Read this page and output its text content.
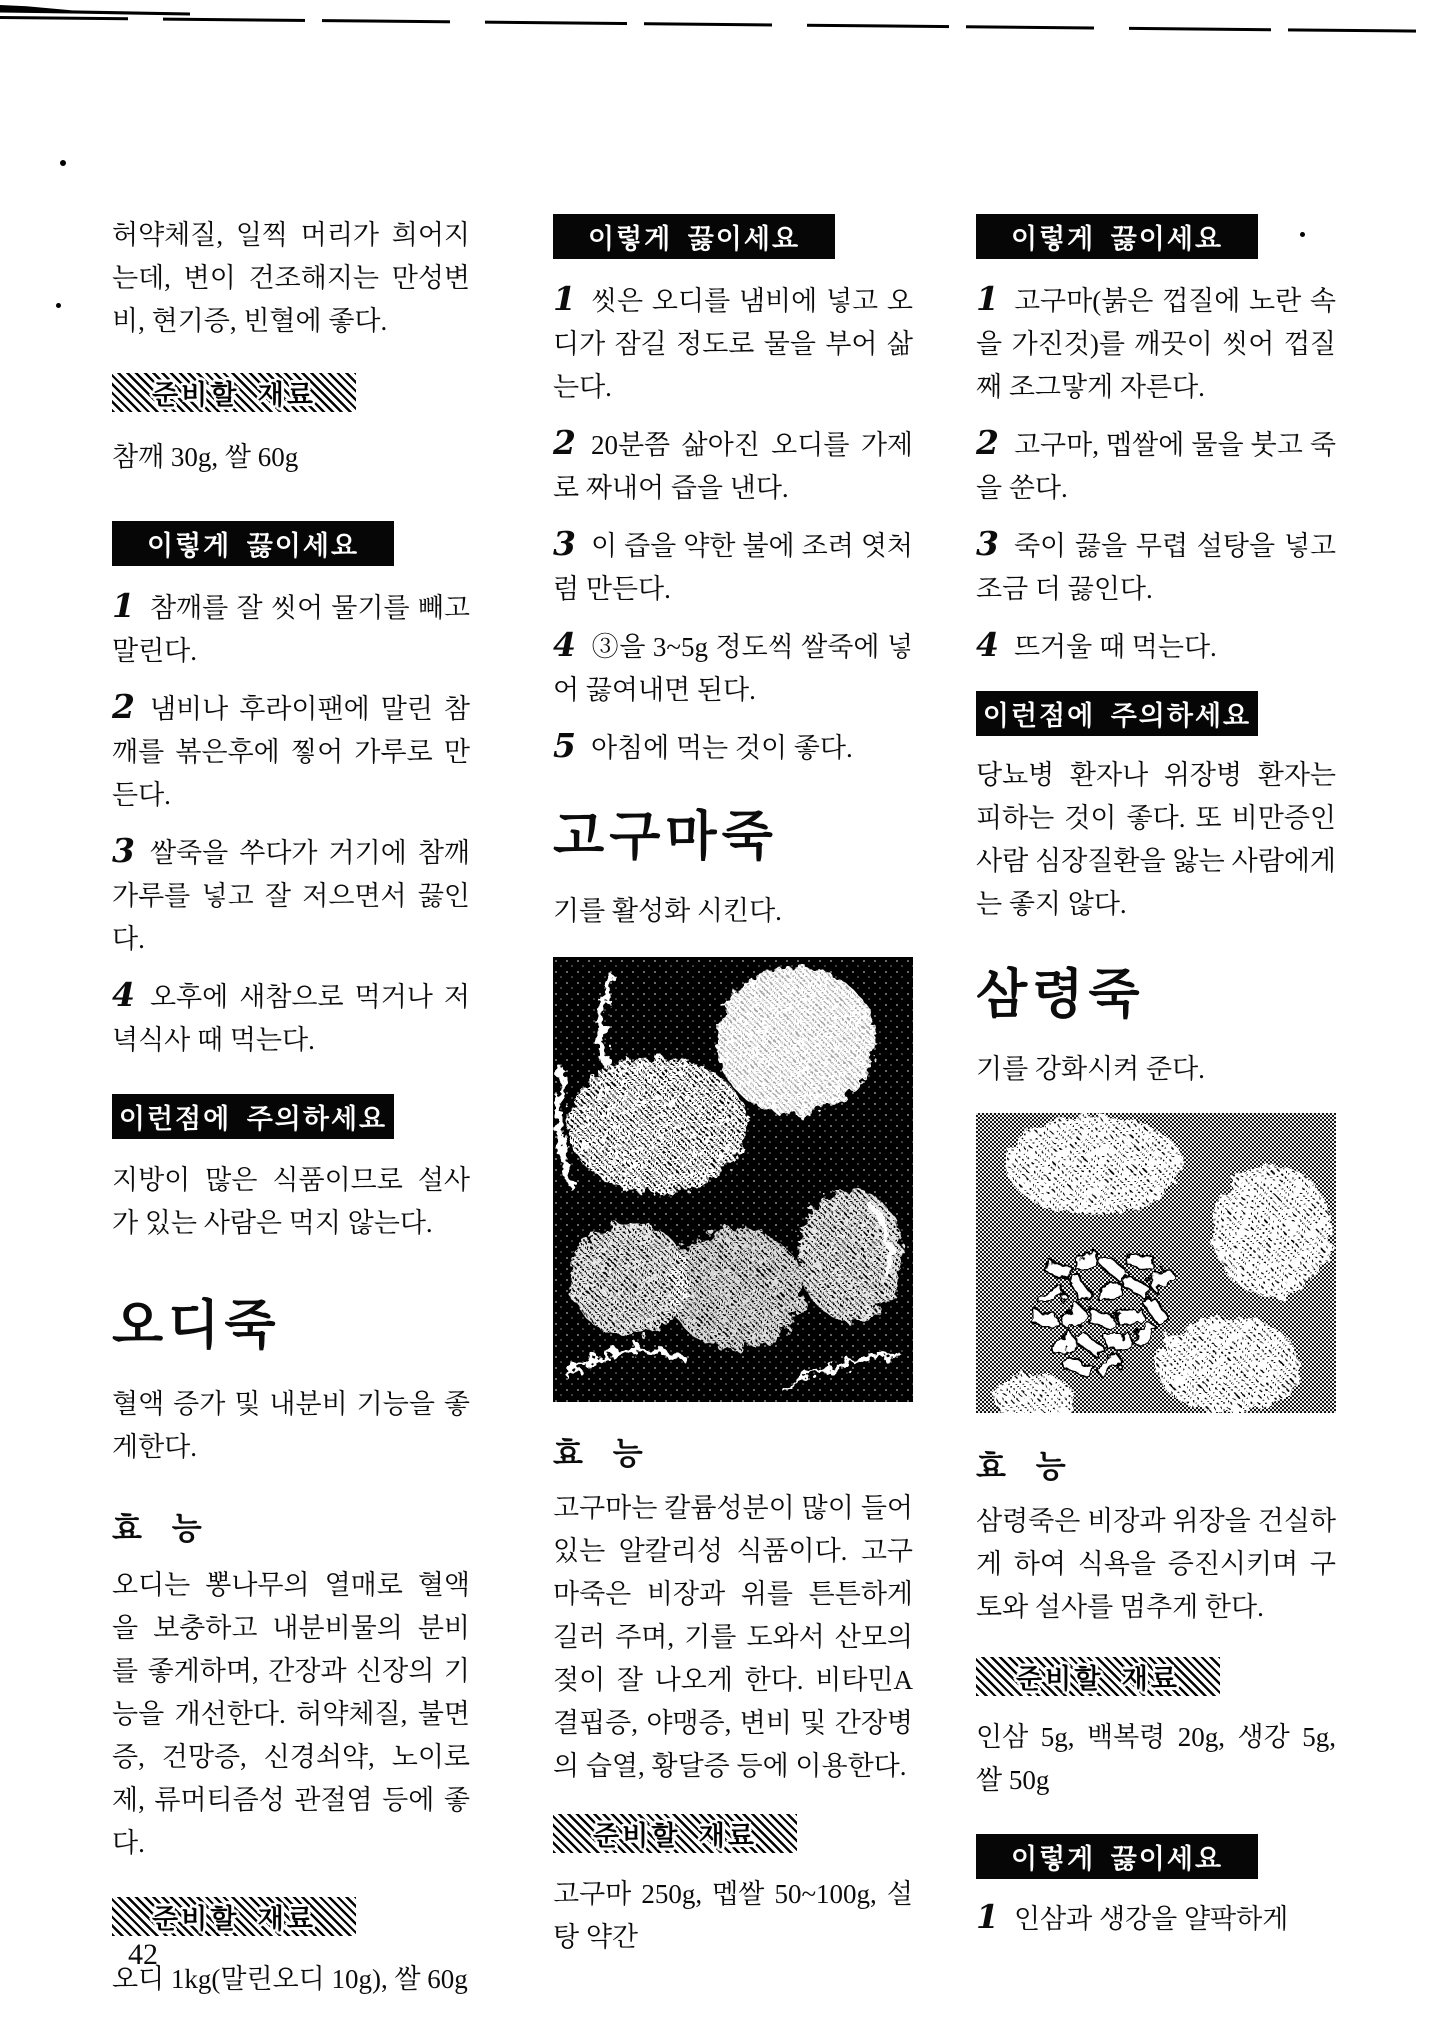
허약체질, 일찍 머리가 희어지는데, 변이 건조해지는 만성변비, 현기증, 빈혈에 좋다.

준비할 재료

참깨 30g, 쌀 60g

이렇게 끓이세요

1 참깨를 잘 씻어 물기를 빼고 말린다.

2 냄비나 후라이팬에 말린 참깨를 볶은후에 찧어 가루로 만든다.

3 쌀죽을 쑤다가 거기에 참깨가루를 넣고 잘 저으면서 끓인다.

4 오후에 새참으로 먹거나 저녁식사 때 먹는다.

이런점에 주의하세요

지방이 많은 식품이므로 설사가 있는 사람은 먹지 않는다.

오디죽

혈액 증가 및 내분비 기능을 좋게한다.

효 능

오디는 뽕나무의 열매로 혈액을 보충하고 내분비물의 분비를 좋게하며, 간장과 신장의 기능을 개선한다. 허약체질, 불면증, 건망증, 신경쇠약, 노이로제, 류머티즘성 관절염 등에 좋다.

준비할 재료

오디 1kg(말린오디 10g), 쌀 60g

이렇게 끓이세요

1 씻은 오디를 냄비에 넣고 오디가 잠길 정도로 물을 부어 삶는다.

2 20분쯤 삶아진 오디를 가제로 짜내어 즙을 낸다.

3 이 즙을 약한 불에 조려 엿처럼 만든다.

4 ③을 3~5g 정도씩 쌀죽에 넣어 끓여내면 된다.

5 아침에 먹는 것이 좋다.

고구마죽

기를 활성화 시킨다.

효 능

고구마는 칼륨성분이 많이 들어있는 알칼리성 식품이다. 고구마죽은 비장과 위를 튼튼하게 길러 주며, 기를 도와서 산모의 젖이 잘 나오게 한다. 비타민A 결핍증, 야맹증, 변비 및 간장병의 습열, 황달증 등에 이용한다.

준비할 재료

고구마 250g, 멥쌀 50~100g, 설탕 약간

이렇게 끓이세요

1 고구마(붉은 껍질에 노란 속을 가진것)를 깨끗이 씻어 껍질째 조그맣게 자른다.

2 고구마, 멥쌀에 물을 붓고 죽을 쑨다.

3 죽이 끓을 무렵 설탕을 넣고 조금 더 끓인다.

4 뜨거울 때 먹는다.

이런점에 주의하세요

당뇨병 환자나 위장병 환자는 피하는 것이 좋다. 또 비만증인 사람 심장질환을 앓는 사람에게는 좋지 않다.

삼령죽

기를 강화시켜 준다.

효 능

삼령죽은 비장과 위장을 건실하게 하여 식욕을 증진시키며 구토와 설사를 멈추게 한다.

준비할 재료

인삼 5g, 백복령 20g, 생강 5g, 쌀 50g

이렇게 끓이세요

1 인삼과 생강을 얄팍하게

42
